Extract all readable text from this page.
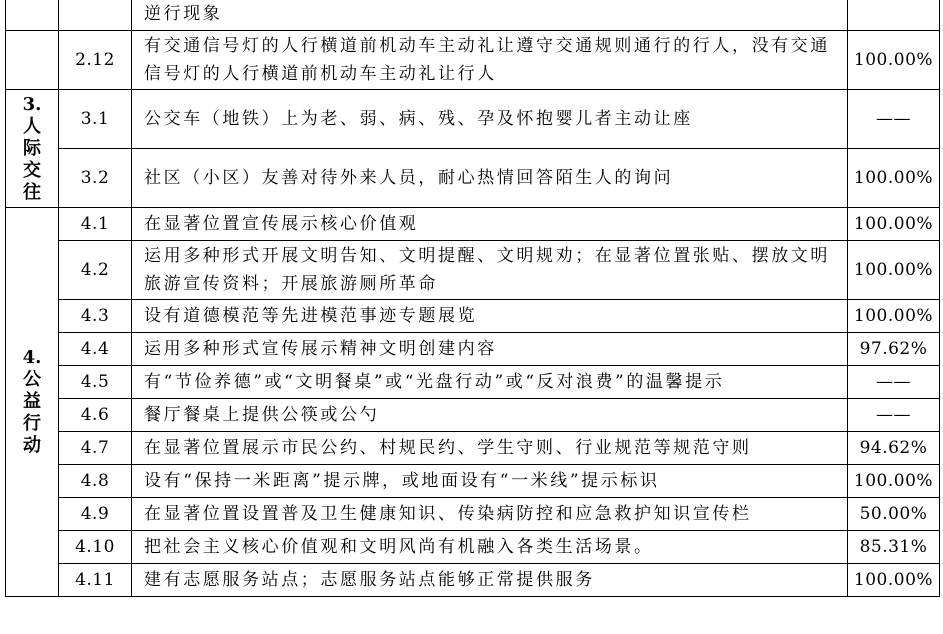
		逆行现象	
	2.12	有交通信号灯的人行横道前机动车主动礼让遵守交通规则通行的行人，没有交通信号灯的人行横道前机动车主动礼让行人	100.00%

3.人际交往	3.1	公交车（地铁）上为老、弱、病、残、孕及怀抱婴儿者主动让座	——
	3.2	社区（小区）友善对待外来人员，耐心热情回答陌生人的询问	100.00%

4.公益行动	4.1	在显著位置宣传展示核心价值观	100.00%
	4.2	运用多种形式开展文明告知、文明提醒、文明规劝；在显著位置张贴、摆放文明旅游宣传资料；开展旅游厕所革命	100.00%
	4.3	设有道德模范等先进模范事迹专题展览	100.00%
	4.4	运用多种形式宣传展示精神文明创建内容	97.62%
	4.5	有“节俭养德”或“文明餐桌”或“光盘行动”或“反对浪费”的温馨提示	——
	4.6	餐厅餐桌上提供公筷或公勺	——
	4.7	在显著位置展示市民公约、村规民约、学生守则、行业规范等规范守则	94.62%
	4.8	设有“保持一米距离”提示牌，或地面设有“一米线”提示标识	100.00%
	4.9	在显著位置设置普及卫生健康知识、传染病防控和应急救护知识宣传栏	50.00%
	4.10	把社会主义核心价值观和文明风尚有机融入各类生活场景。	85.31%
	4.11	建有志愿服务站点；志愿服务站点能够正常提供服务	100.00%
